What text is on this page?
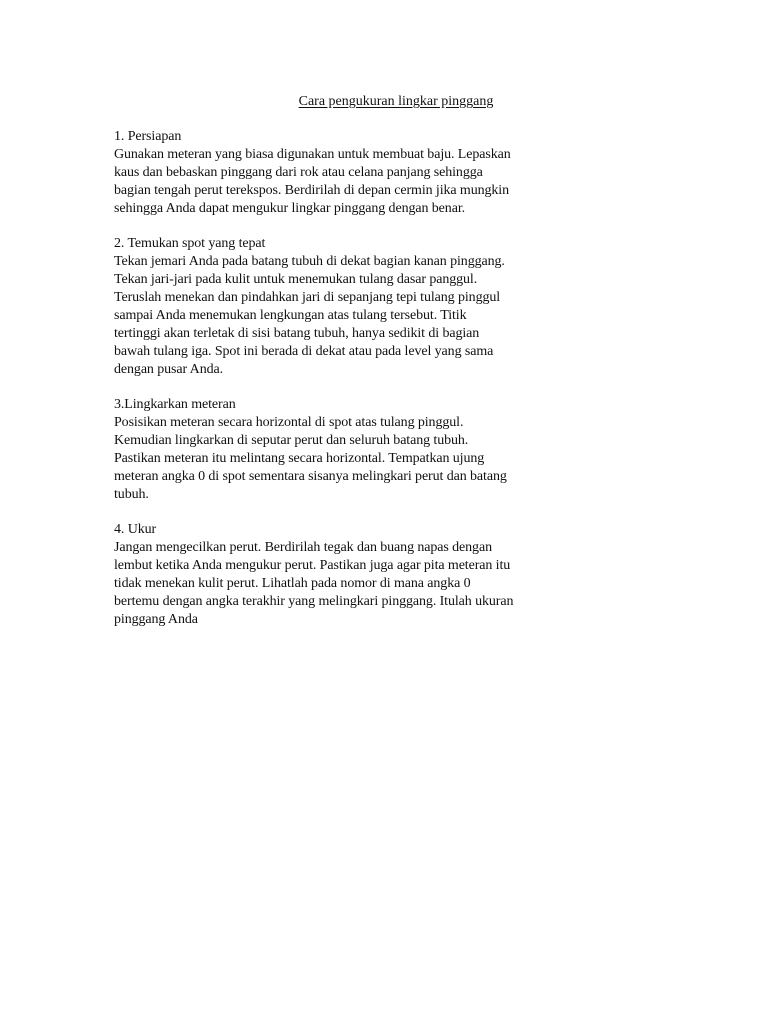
Cara pengukuran lingkar pinggang

1. Persiapan

Gunakan meteran yang biasa digunakan untuk membuat baju. Lepaskan
kaus dan bebaskan pinggang dari rok atau celana panjang sehingga
bagian tengah perut terekspos. Berdirilah di depan cermin jika mungkin
sehingga Anda dapat mengukur lingkar pinggang dengan benar.

2. Temukan spot yang tepat

Tekan jemari Anda pada batang tubuh di dekat bagian kanan pinggang.
Tekan jari-jari pada kulit untuk menemukan tulang dasar panggul.
Teruslah menekan dan pindahkan jari di sepanjang tepi tulang pinggul
sampai Anda menemukan lengkungan atas tulang tersebut. Titik
tertinggi akan terletak di sisi batang tubuh, hanya sedikit di bagian
bawah tulang iga. Spot ini berada di dekat atau pada level yang sama
dengan pusar Anda.

3.Lingkarkan meteran

Posisikan meteran secara horizontal di spot atas tulang pinggul.
Kemudian lingkarkan di seputar perut dan seluruh batang tubuh.
Pastikan meteran itu melintang secara horizontal. Tempatkan ujung
meteran angka 0 di spot sementara sisanya melingkari perut dan batang
tubuh.

4. Ukur

Jangan mengecilkan perut. Berdirilah tegak dan buang napas dengan
lembut ketika Anda mengukur perut. Pastikan juga agar pita meteran itu
tidak menekan kulit perut. Lihatlah pada nomor di mana angka 0
bertemu dengan angka terakhir yang melingkari pinggang. Itulah ukuran
pinggang Anda
